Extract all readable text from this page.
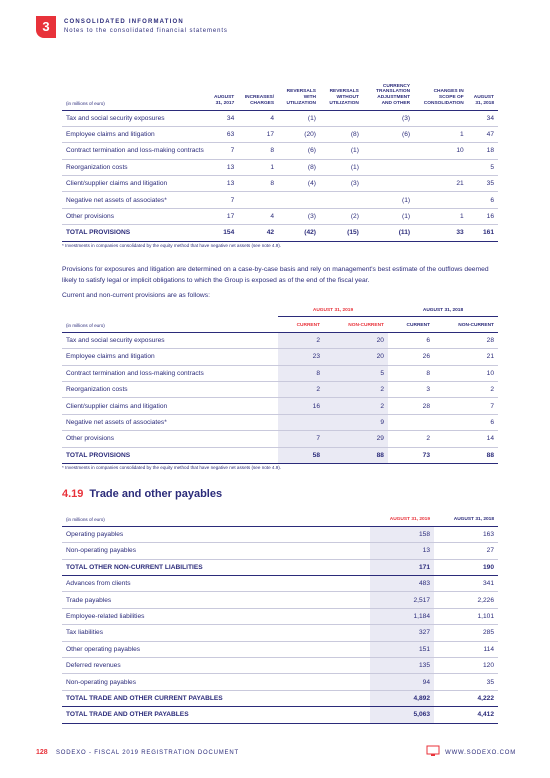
3	CONSOLIDATED INFORMATION
Notes to the consolidated financial statements
(in millions of euro)	AUGUST 31, 2017	INCREASES/ CHARGES	REVERSALS WITH UTILIZATION	REVERSALS WITHOUT UTILIZATION	CURRENCY TRANSLATION ADJUSTMENT AND OTHER	CHANGES IN SCOPE OF CONSOLIDATION	AUGUST 31, 2018
Tax and social security exposures	34	4	(1)		(3)		34
Employee claims and litigation	63	17	(20)	(8)	(6)	1	47
Contract termination and loss-making contracts	7	8	(6)	(1)		10	18
Reorganization costs	13	1	(8)	(1)			5
Client/supplier claims and litigation	13	8	(4)	(3)		21	35
Negative net assets of associates*	7				(1)		6
Other provisions	17	4	(3)	(2)	(1)	1	16
TOTAL PROVISIONS	154	42	(42)	(15)	(11)	33	161
* Investments in companies consolidated by the equity method that have negative net assets (see note 4.9).
Provisions for exposures and litigation are determined on a case-by-case basis and rely on management's best estimate of the outflows deemed likely to satisfy legal or implicit obligations to which the Group is exposed as of the end of the fiscal year.
Current and non-current provisions are as follows:
	AUGUST 31, 2019		AUGUST 31, 2018	
(in millions of euro)	CURRENT	NON-CURRENT	CURRENT	NON-CURRENT
Tax and social security exposures	2	20	6	28
Employee claims and litigation	23	20	26	21
Contract termination and loss-making contracts	8	5	8	10
Reorganization costs	2	2	3	2
Client/supplier claims and litigation	16	2	28	7
Negative net assets of associates*		9		6
Other provisions	7	29	2	14
TOTAL PROVISIONS	58	88	73	88
* Investments in companies consolidated by the equity method that have negative net assets (see note 4.9).
4.19 Trade and other payables
(in millions of euro)	AUGUST 31, 2019	AUGUST 31, 2018
Operating payables	158	163
Non-operating payables	13	27
TOTAL OTHER NON-CURRENT LIABILITIES	171	190
Advances from clients	483	341
Trade payables	2,517	2,226
Employee-related liabilities	1,184	1,101
Tax liabilities	327	285
Other operating payables	151	114
Deferred revenues	135	120
Non-operating payables	94	35
TOTAL TRADE AND OTHER CURRENT PAYABLES	4,892	4,222
TOTAL TRADE AND OTHER PAYABLES	5,063	4,412
128 SODEXO - FISCAL 2019 REGISTRATION DOCUMENT	WWW.SODEXO.COM
